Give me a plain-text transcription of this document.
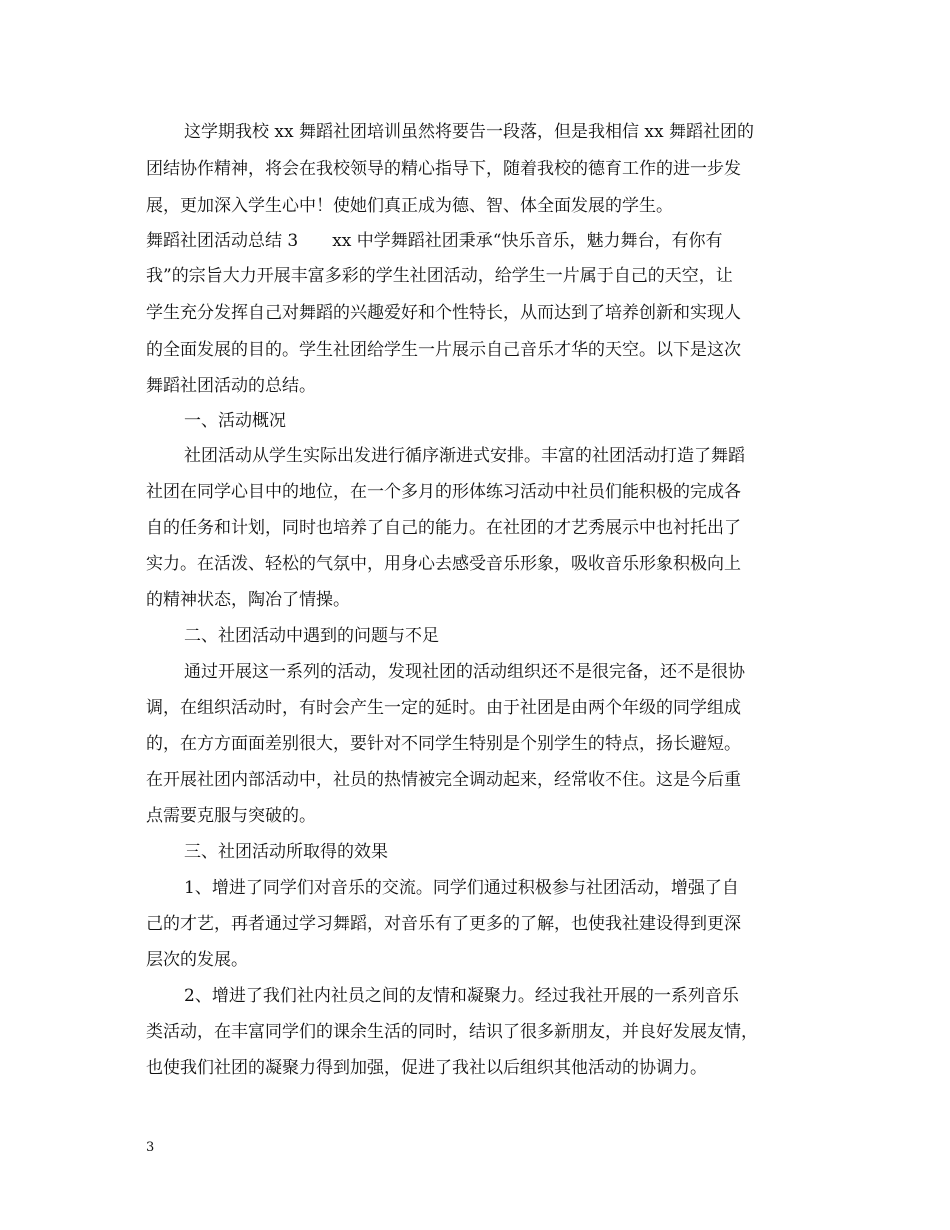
这学期我校 xx 舞蹈社团培训虽然将要告一段落，但是我相信 xx 舞蹈社团的
团结协作精神，将会在我校领导的精心指导下，随着我校的德育工作的进一步发
展，更加深入学生心中！使她们真正成为德、智、体全面发展的学生。
舞蹈社团活动总结 3　　xx 中学舞蹈社团秉承“快乐音乐，魅力舞台，有你有
我”的宗旨大力开展丰富多彩的学生社团活动，给学生一片属于自己的天空，让
学生充分发挥自己对舞蹈的兴趣爱好和个性特长，从而达到了培养创新和实现人
的全面发展的目的。学生社团给学生一片展示自己音乐才华的天空。以下是这次
舞蹈社团活动的总结。
一、活动概况
社团活动从学生实际出发进行循序渐进式安排。丰富的社团活动打造了舞蹈
社团在同学心目中的地位，在一个多月的形体练习活动中社员们能积极的完成各
自的任务和计划，同时也培养了自己的能力。在社团的才艺秀展示中也衬托出了
实力。在活泼、轻松的气氛中，用身心去感受音乐形象，吸收音乐形象积极向上
的精神状态，陶冶了情操。
二、社团活动中遇到的问题与不足
通过开展这一系列的活动，发现社团的活动组织还不是很完备，还不是很协
调，在组织活动时，有时会产生一定的延时。由于社团是由两个年级的同学组成
的，在方方面面差别很大，要针对不同学生特别是个别学生的特点，扬长避短。
在开展社团内部活动中，社员的热情被完全调动起来，经常收不住。这是今后重
点需要克服与突破的。
三、社团活动所取得的效果
1、增进了同学们对音乐的交流。同学们通过积极参与社团活动，增强了自
己的才艺，再者通过学习舞蹈，对音乐有了更多的了解，也使我社建设得到更深
层次的发展。
2、增进了我们社内社员之间的友情和凝聚力。经过我社开展的一系列音乐
类活动，在丰富同学们的课余生活的同时，结识了很多新朋友，并良好发展友情，
也使我们社团的凝聚力得到加强，促进了我社以后组织其他活动的协调力。
3
